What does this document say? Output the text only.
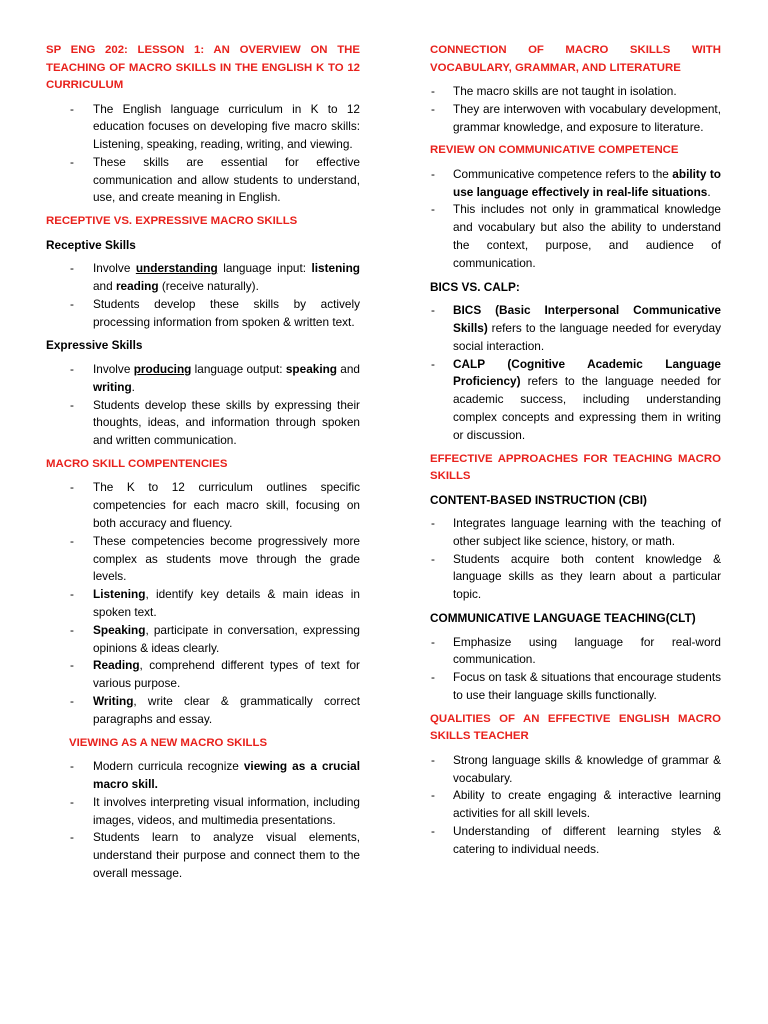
SP ENG 202: LESSON 1: AN OVERVIEW ON THE TEACHING OF MACRO SKILLS IN THE ENGLISH K TO 12 CURRICULUM
- The English language curriculum in K to 12 education focuses on developing five macro skills: Listening, speaking, reading, writing, and viewing.
- These skills are essential for effective communication and allow students to understand, use, and create meaning in English.
RECEPTIVE VS. EXPRESSIVE MACRO SKILLS
Receptive Skills
- Involve understanding language input: listening and reading (receive naturally).
- Students develop these skills by actively processing information from spoken & written text.
Expressive Skills
- Involve producing language output: speaking and writing.
- Students develop these skills by expressing their thoughts, ideas, and information through spoken and written communication.
MACRO SKILL COMPENTENCIES
- The K to 12 curriculum outlines specific competencies for each macro skill, focusing on both accuracy and fluency.
- These competencies become progressively more complex as students move through the grade levels.
- Listening, identify key details & main ideas in spoken text.
- Speaking, participate in conversation, expressing opinions & ideas clearly.
- Reading, comprehend different types of text for various purpose.
- Writing, write clear & grammatically correct paragraphs and essay.
VIEWING AS A NEW MACRO SKILLS
- Modern curricula recognize viewing as a crucial macro skill.
- It involves interpreting visual information, including images, videos, and multimedia presentations.
- Students learn to analyze visual elements, understand their purpose and connect them to the overall message.
CONNECTION OF MACRO SKILLS WITH VOCABULARY, GRAMMAR, AND LITERATURE
- The macro skills are not taught in isolation.
- They are interwoven with vocabulary development, grammar knowledge, and exposure to literature.
REVIEW ON COMMUNICATIVE COMPETENCE
- Communicative competence refers to the ability to use language effectively in real-life situations.
- This includes not only in grammatical knowledge and vocabulary but also the ability to understand the context, purpose, and audience of communication.
BICS VS. CALP:
- BICS (Basic Interpersonal Communicative Skills) refers to the language needed for everyday social interaction.
- CALP (Cognitive Academic Language Proficiency) refers to the language needed for academic success, including understanding complex concepts and expressing them in writing or discussion.
EFFECTIVE APPROACHES FOR TEACHING MACRO SKILLS
CONTENT-BASED INSTRUCTION (CBI)
- Integrates language learning with the teaching of other subject like science, history, or math.
- Students acquire both content knowledge & language skills as they learn about a particular topic.
COMMUNICATIVE LANGUAGE TEACHING(CLT)
- Emphasize using language for real-word communication.
- Focus on task & situations that encourage students to use their language skills functionally.
QUALITIES OF AN EFFECTIVE ENGLISH MACRO SKILLS TEACHER
- Strong language skills & knowledge of grammar & vocabulary.
- Ability to create engaging & interactive learning activities for all skill levels.
- Understanding of different learning styles & catering to individual needs.
